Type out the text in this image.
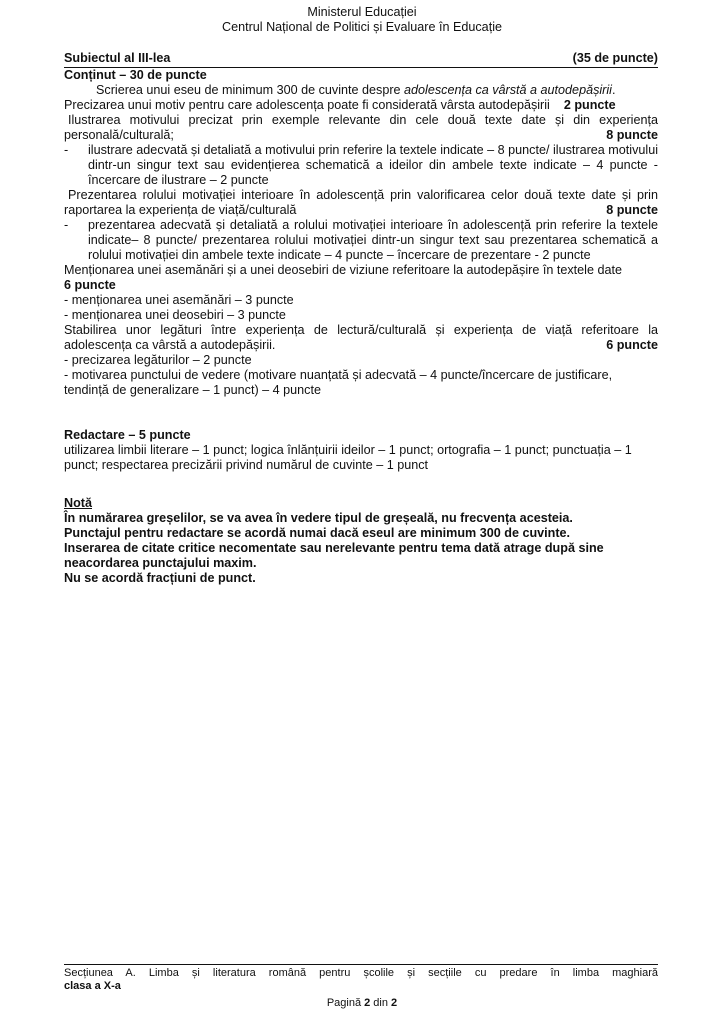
Ministerul Educației
Centrul Național de Politici și Evaluare în Educație
Subiectul al III-lea	(35 de puncte)
Conținut – 30 de puncte
Scrierea unui eseu de minimum 300 de cuvinte despre adolescența ca vârstă a autodepășirii.
Precizarea unui motiv pentru care adolescența poate fi considerată vârsta autodepășirii 2 puncte
Ilustrarea motivului precizat prin exemple relevante din cele două texte date și din experiența personală/culturală;	8 puncte
-	ilustrare adecvată și detaliată a motivului prin referire la textele indicate – 8 puncte/ ilustrarea motivului dintr-un singur text sau evidențierea schematică a ideilor din ambele texte indicate – 4 puncte - încercare de ilustrare – 2 puncte
Prezentarea rolului motivației interioare în adolescență prin valorificarea celor două texte date și prin raportarea la experiența de viață/culturală	8 puncte
-	prezentarea adecvată și detaliată a rolului motivației interioare în adolescență prin referire la textele indicate– 8 puncte/ prezentarea rolului motivației dintr-un singur text sau prezentarea schematică a rolului motivației din ambele texte indicate – 4 puncte – încercare de prezentare - 2 puncte
Menționarea unei asemănări și a unei deosebiri de viziune referitoare la autodepășire în textele date
6 puncte
- menționarea unei asemănări – 3 puncte
- menționarea unei deosebiri – 3 puncte
Stabilirea unor legături între experiența de lectură/culturală și experiența de viață referitoare la adolescența ca vârstă a autodepășirii.	6 puncte
- precizarea legăturilor – 2 puncte
- motivarea punctului de vedere (motivare nuanțată și adecvată – 4 puncte/încercare de justificare, tendință de generalizare – 1 punct) – 4 puncte
Redactare – 5 puncte
utilizarea limbii literare – 1 punct; logica înlănțuirii ideilor – 1 punct; ortografia – 1 punct; punctuația – 1 punct; respectarea precizării privind numărul de cuvinte – 1 punct
Notă
În numărarea greșelilor, se va avea în vedere tipul de greșeală, nu frecvența acesteia.
Punctajul pentru redactare se acordă numai dacă eseul are minimum 300 de cuvinte.
Inserarea de citate critice necomentate sau nerelevante pentru tema dată atrage după sine neacordarea punctajului maxim.
Nu se acordă fracțiuni de punct.
Secțiunea A. Limba și literatura română pentru școlile și secțiile cu predare în limba maghiară
clasa a X-a
Pagină 2 din 2
